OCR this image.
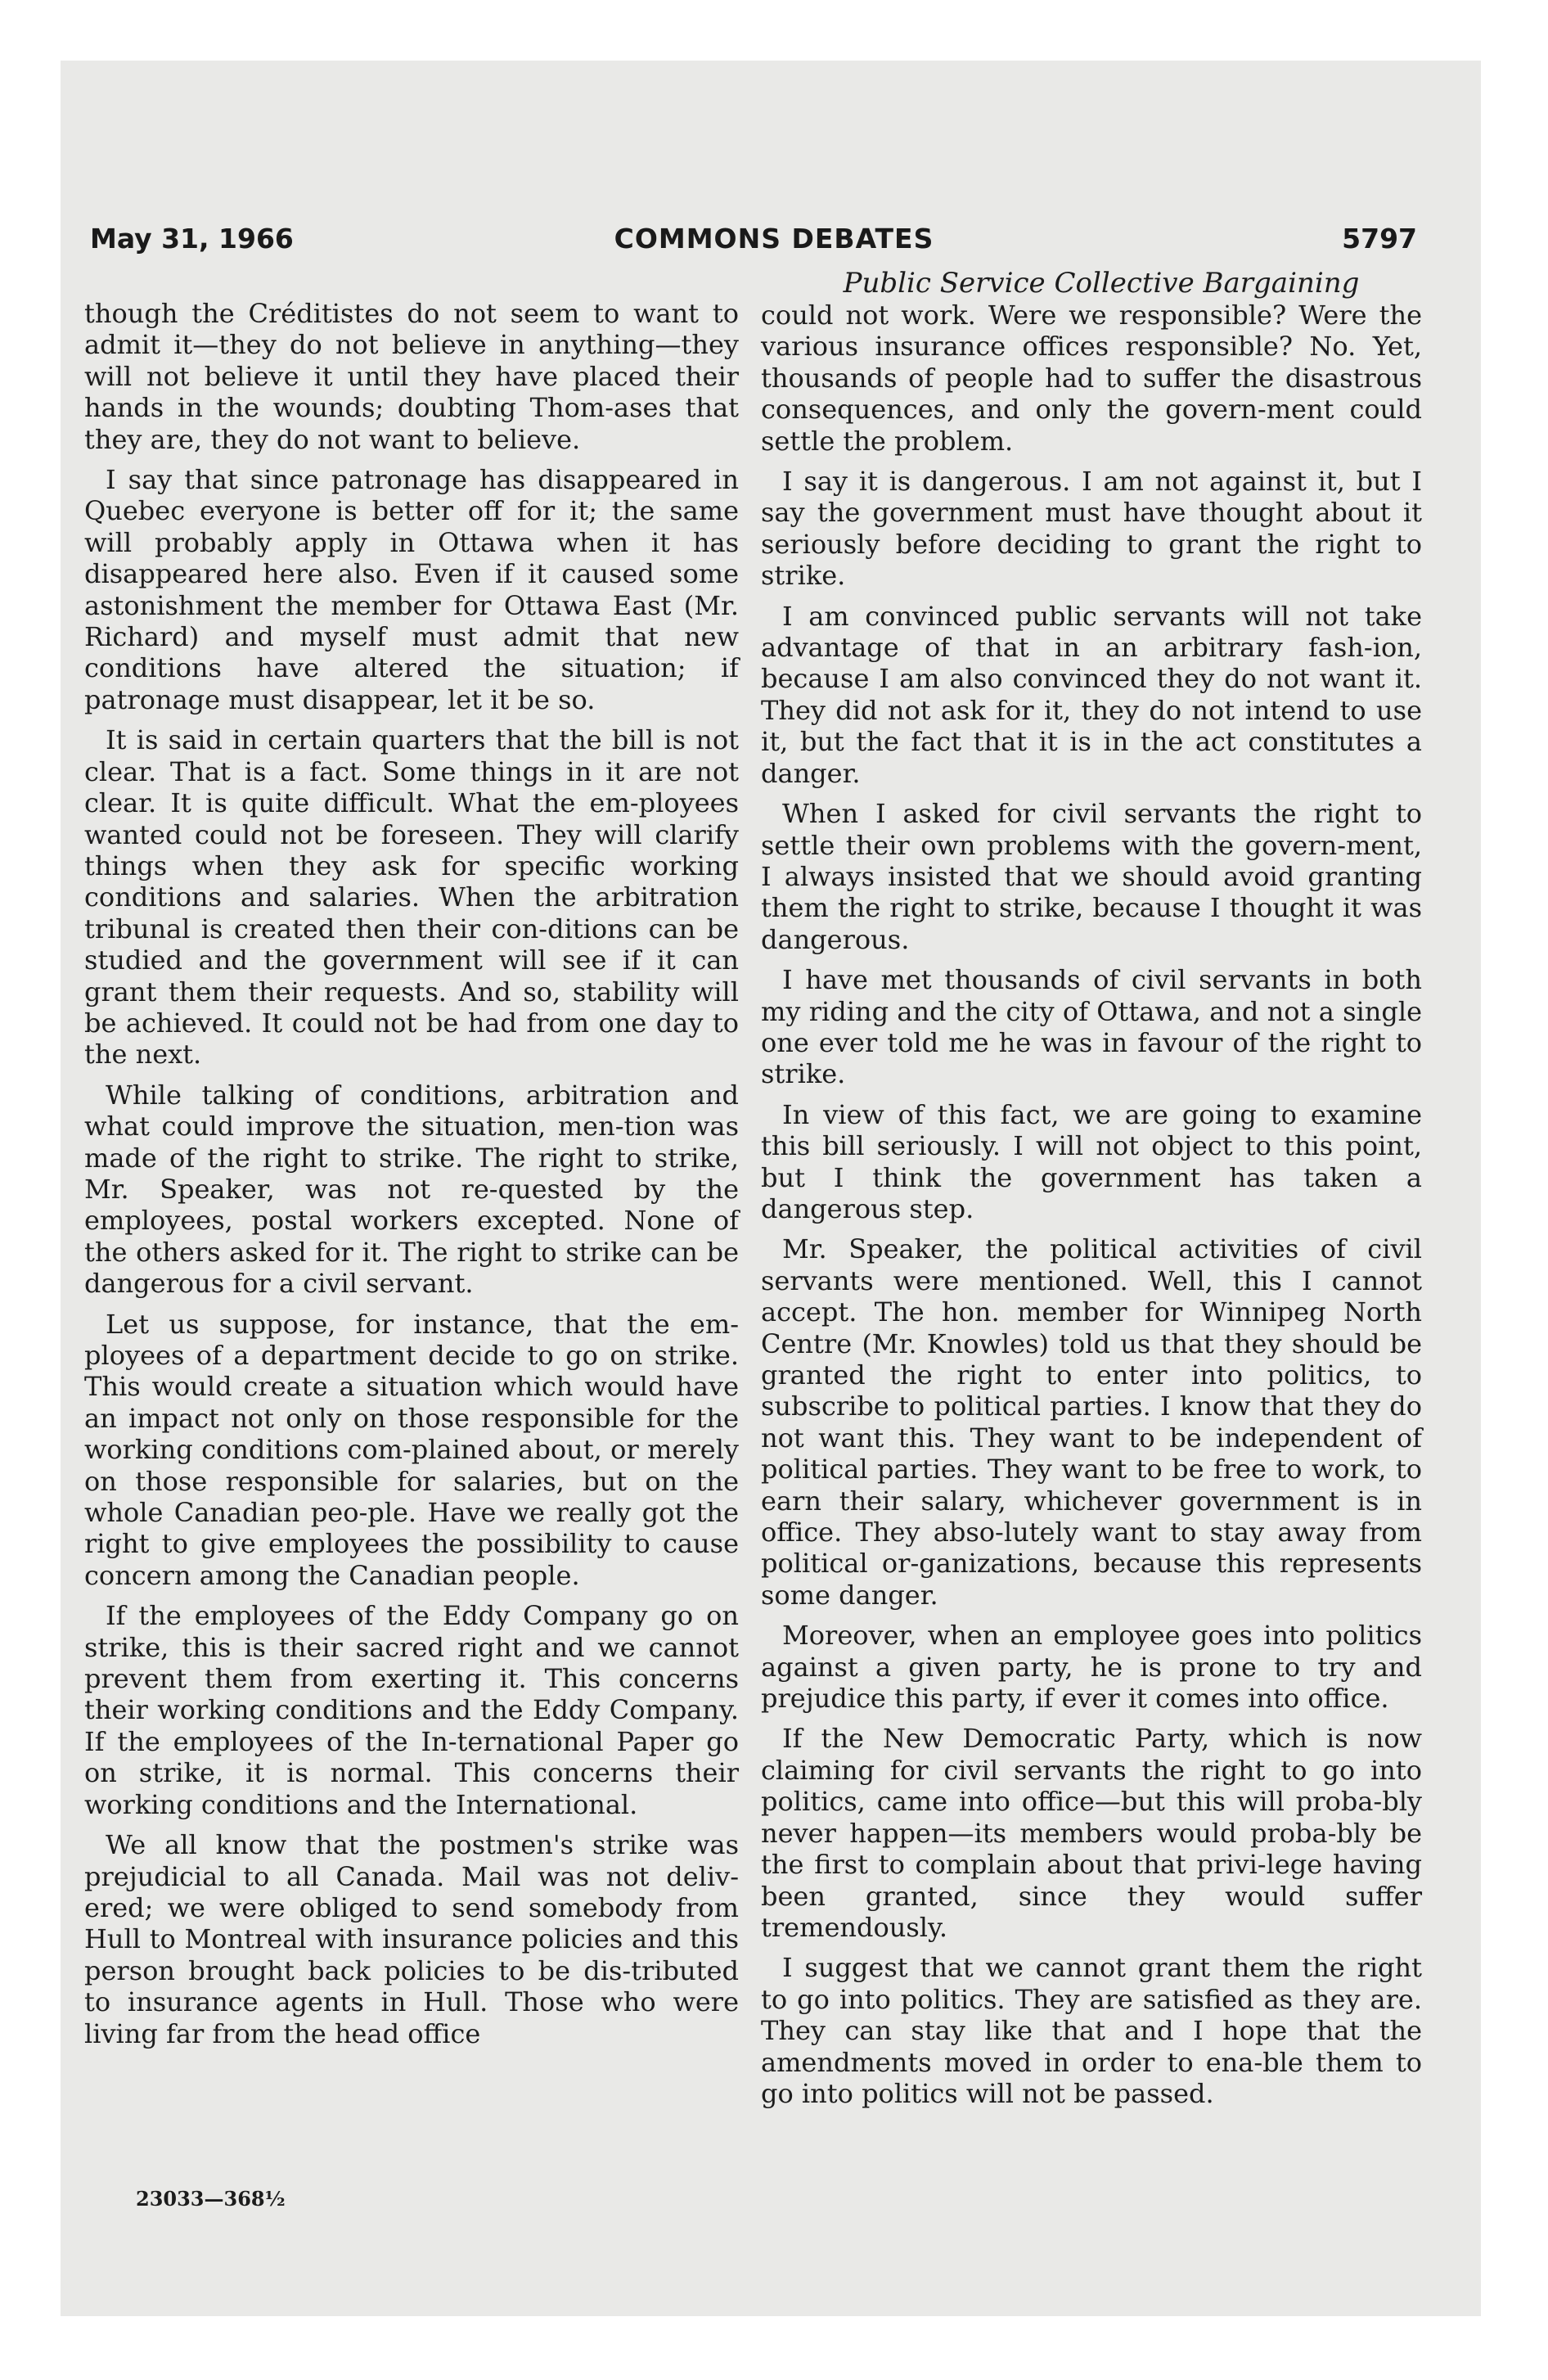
May 31, 1966	COMMONS DEBATES	5797
Public Service Collective Bargaining

though the Créditistes do not seem to want to admit it—they do not believe in anything—they will not believe it until they have placed their hands in the wounds; doubting Thom-ases that they are, they do not want to believe.

I say that since patronage has disappeared in Quebec everyone is better off for it; the same will probably apply in Ottawa when it has disappeared here also. Even if it caused some astonishment the member for Ottawa East (Mr. Richard) and myself must admit that new conditions have altered the situation; if patronage must disappear, let it be so.

It is said in certain quarters that the bill is not clear. That is a fact. Some things in it are not clear. It is quite difficult. What the em-ployees wanted could not be foreseen. They will clarify things when they ask for specific working conditions and salaries. When the arbitration tribunal is created then their con-ditions can be studied and the government will see if it can grant them their requests. And so, stability will be achieved. It could not be had from one day to the next.

While talking of conditions, arbitration and what could improve the situation, men-tion was made of the right to strike. The right to strike, Mr. Speaker, was not re-quested by the employees, postal workers excepted. None of the others asked for it. The right to strike can be dangerous for a civil servant.

Let us suppose, for instance, that the em-ployees of a department decide to go on strike. This would create a situation which would have an impact not only on those responsible for the working conditions com-plained about, or merely on those responsible for salaries, but on the whole Canadian peo-ple. Have we really got the right to give employees the possibility to cause concern among the Canadian people.

If the employees of the Eddy Company go on strike, this is their sacred right and we cannot prevent them from exerting it. This concerns their working conditions and the Eddy Company. If the employees of the In-ternational Paper go on strike, it is normal. This concerns their working conditions and the International.

We all know that the postmen's strike was prejudicial to all Canada. Mail was not deliv-ered; we were obliged to send somebody from Hull to Montreal with insurance policies and this person brought back policies to be dis-tributed to insurance agents in Hull. Those who were living far from the head office

could not work. Were we responsible? Were the various insurance offices responsible? No. Yet, thousands of people had to suffer the disastrous consequences, and only the govern-ment could settle the problem.

I say it is dangerous. I am not against it, but I say the government must have thought about it seriously before deciding to grant the right to strike.

I am convinced public servants will not take advantage of that in an arbitrary fash-ion, because I am also convinced they do not want it. They did not ask for it, they do not intend to use it, but the fact that it is in the act constitutes a danger.

When I asked for civil servants the right to settle their own problems with the govern-ment, I always insisted that we should avoid granting them the right to strike, because I thought it was dangerous.

I have met thousands of civil servants in both my riding and the city of Ottawa, and not a single one ever told me he was in favour of the right to strike.

In view of this fact, we are going to examine this bill seriously. I will not object to this point, but I think the government has taken a dangerous step.

Mr. Speaker, the political activities of civil servants were mentioned. Well, this I cannot accept. The hon. member for Winnipeg North Centre (Mr. Knowles) told us that they should be granted the right to enter into politics, to subscribe to political parties. I know that they do not want this. They want to be independent of political parties. They want to be free to work, to earn their salary, whichever government is in office. They abso-lutely want to stay away from political or-ganizations, because this represents some danger.

Moreover, when an employee goes into politics against a given party, he is prone to try and prejudice this party, if ever it comes into office.

If the New Democratic Party, which is now claiming for civil servants the right to go into politics, came into office—but this will proba-bly never happen—its members would proba-bly be the first to complain about that privi-lege having been granted, since they would suffer tremendously.

I suggest that we cannot grant them the right to go into politics. They are satisfied as they are. They can stay like that and I hope that the amendments moved in order to ena-ble them to go into politics will not be passed.

23033—368½
